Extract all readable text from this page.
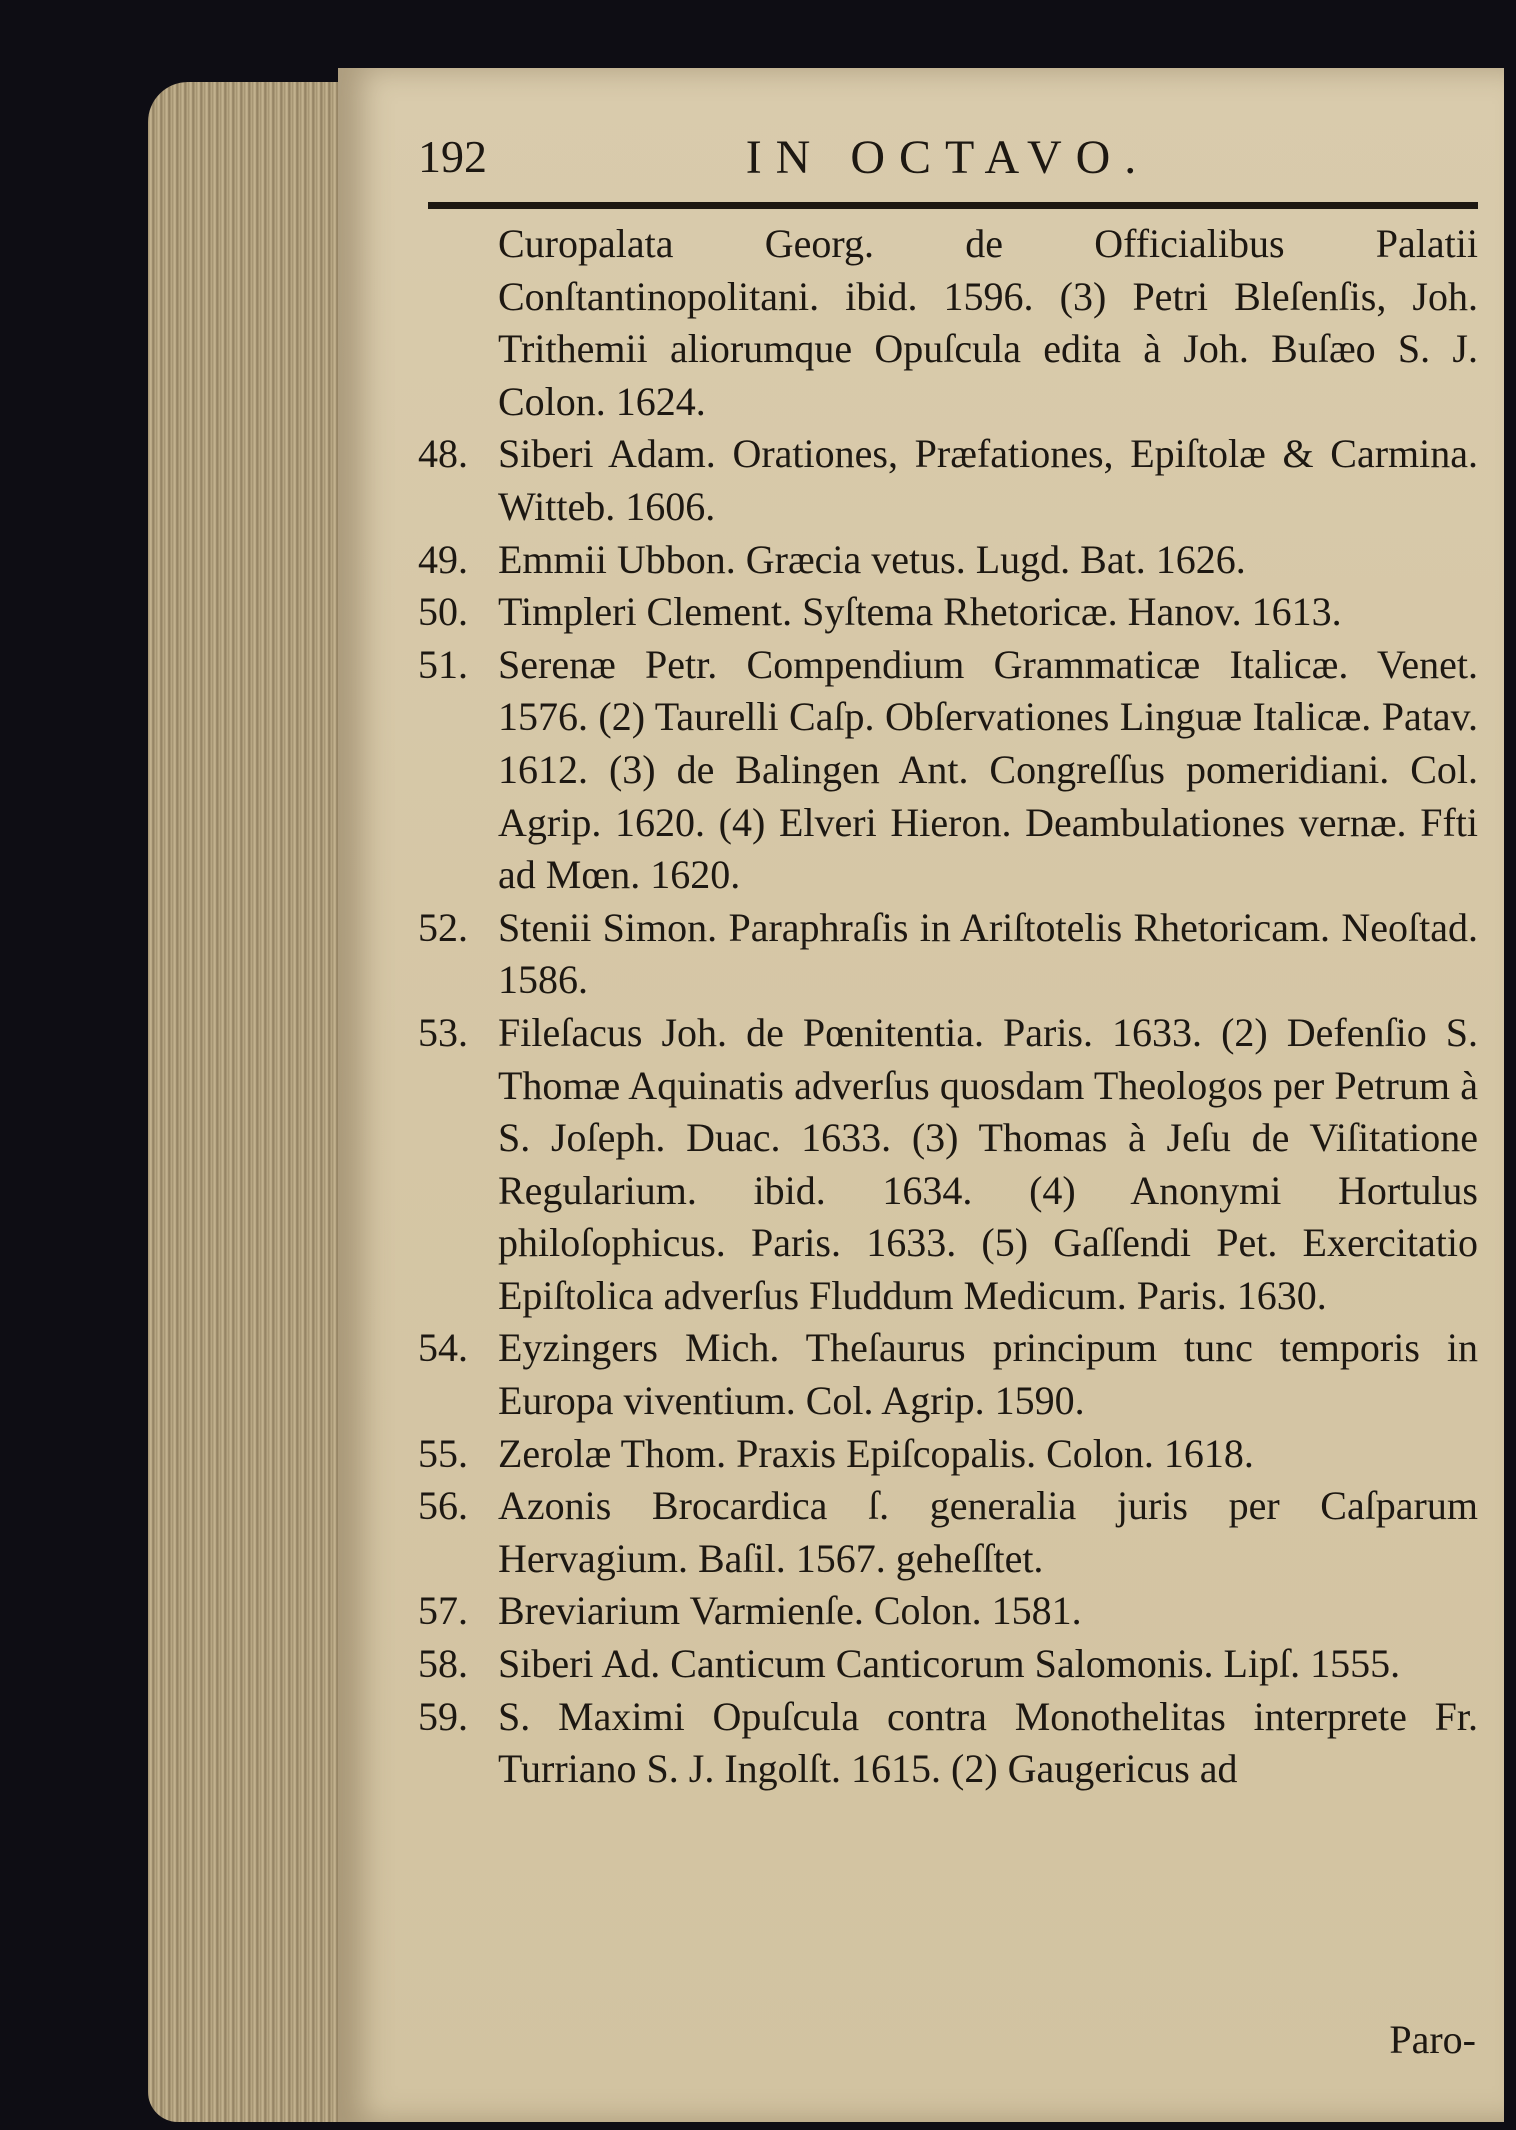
192	IN OCTAVO.
Curopalata Georg. de Officialibus Palatii Conſtantinopolitani. ibid. 1596. (3) Petri Bleſenſis, Joh. Trithemii aliorumque Opuſcula edita à Joh. Buſæo S. J. Colon. 1624.
48. Siberi Adam. Orationes, Præfationes, Epiſtolæ & Carmina. Witteb. 1606.
49. Emmii Ubbon. Græcia vetus. Lugd. Bat. 1626.
50. Timpleri Clement. Syſtema Rhetoricæ. Hanov. 1613.
51. Serenæ Petr. Compendium Grammaticæ Italicæ. Venet. 1576. (2) Taurelli Caſp. Obſervationes Linguæ Italicæ. Patav. 1612. (3) de Balingen Ant. Congreſſus pomeridiani. Col. Agrip. 1620. (4) Elveri Hieron. Deambulationes vernæ. Ffti ad Mœn. 1620.
52. Stenii Simon. Paraphraſis in Ariſtotelis Rhetoricam. Neoſtad. 1586.
53. Fileſacus Joh. de Pœnitentia. Paris. 1633. (2) Defenſio S. Thomæ Aquinatis adverſus quosdam Theologos per Petrum à S. Joſeph. Duac. 1633. (3) Thomas à Jeſu de Viſitatione Regularium. ibid. 1634. (4) Anonymi Hortulus philoſophicus. Paris. 1633. (5) Gaſſendi Pet. Exercitatio Epiſtolica adverſus Fluddum Medicum. Paris. 1630.
54. Eyzingers Mich. Theſaurus principum tunc temporis in Europa viventium. Col. Agrip. 1590.
55. Zerolæ Thom. Praxis Epiſcopalis. Colon. 1618.
56. Azonis Brocardica ſ. generalia juris per Caſparum Hervagium. Baſil. 1567. geheſſtet.
57. Breviarium Varmienſe. Colon. 1581.
58. Siberi Ad. Canticum Canticorum Salomonis. Lipſ. 1555.
59. S. Maximi Opuſcula contra Monothelitas interprete Fr. Turriano S. J. Ingolſt. 1615. (2) Gaugericus ad
Paro-
